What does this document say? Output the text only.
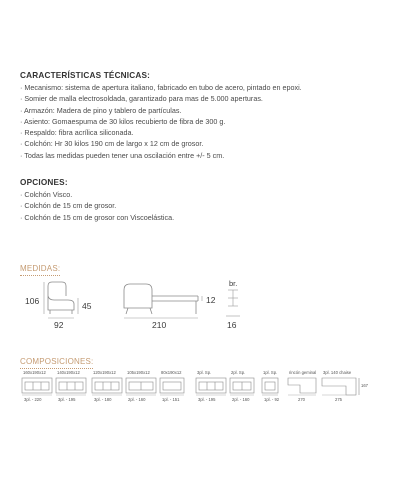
CARACTERÍSTICAS TÉCNICAS:
· Mecanismo: sistema de apertura italiano, fabricado en tubo de acero, pintado en epoxi.
· Somier de malla electrosoldada, garantizado para mas de 5.000 aperturas.
· Armazón: Madera de pino y tablero de partículas.
· Asiento: Gomaespuma de 30 kilos recubierto de fibra de 300 g.
· Respaldo: fibra acrílica siliconada.
· Colchón: Hr 30 kilos 190 cm de largo x 12 cm de grosor.
· Todas las medidas pueden tener una oscilación entre +/- 5 cm.
OPCIONES:
· Colchón Visco.
· Colchón de 15 cm de grosor.
· Colchón de 15 cm de grosor con Viscoelástica.
MEDIDAS:
106	45
92	210
12
br.
16
COMPOSICIONES:
160x190x12
3pl. - 220
140x190x12
3pl. - 195
120x190x12
3pl. - 180
105x190x12
2pl. - 160
80x190x12
1pl. - 151
3pl. Sp.
3pl. - 195
2pl. Sp.
2pl. - 160
1pl. Sp.
1pl. - 92
rincón geminal
270
3pl. 140 chaise
275
167
